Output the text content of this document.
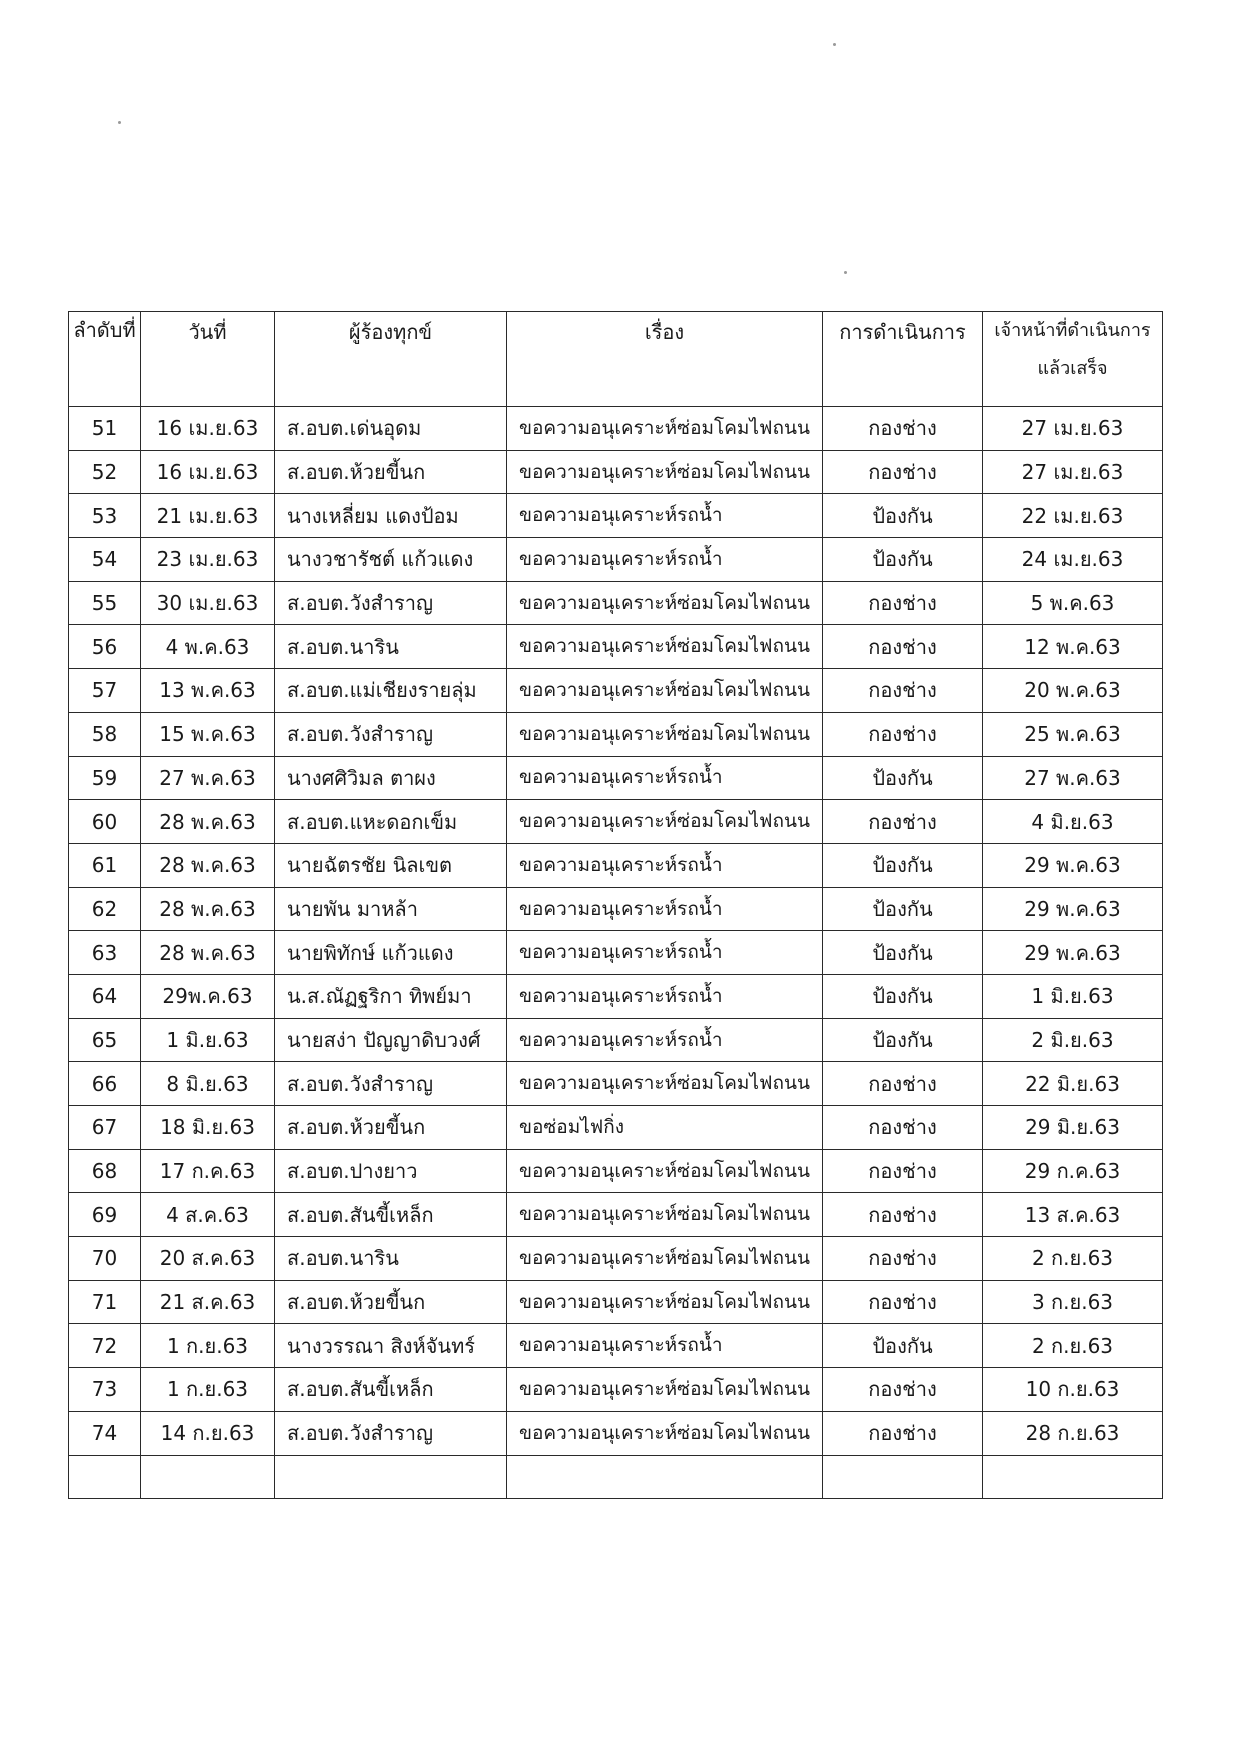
ลำดับที่	วันที่	ผู้ร้องทุกข์	เรื่อง	การดำเนินการ	เจ้าหน้าที่ดำเนินการแล้วเสร็จ
51	16 เม.ย.63	ส.อบต.เด่นอุดม	ขอความอนุเคราะห์ซ่อมโคมไฟถนน	กองช่าง	27 เม.ย.63
52	16 เม.ย.63	ส.อบต.ห้วยขี้นก	ขอความอนุเคราะห์ซ่อมโคมไฟถนน	กองช่าง	27 เม.ย.63
53	21 เม.ย.63	นางเหลี่ยม แดงป้อม	ขอความอนุเคราะห์รถน้ำ	ป้องกัน	22 เม.ย.63
54	23 เม.ย.63	นางวชารัชต์ แก้วแดง	ขอความอนุเคราะห์รถน้ำ	ป้องกัน	24 เม.ย.63
55	30 เม.ย.63	ส.อบต.วังสำราญ	ขอความอนุเคราะห์ซ่อมโคมไฟถนน	กองช่าง	5 พ.ค.63
56	4 พ.ค.63	ส.อบต.นาริน	ขอความอนุเคราะห์ซ่อมโคมไฟถนน	กองช่าง	12 พ.ค.63
57	13 พ.ค.63	ส.อบต.แม่เชียงรายลุ่ม	ขอความอนุเคราะห์ซ่อมโคมไฟถนน	กองช่าง	20 พ.ค.63
58	15 พ.ค.63	ส.อบต.วังสำราญ	ขอความอนุเคราะห์ซ่อมโคมไฟถนน	กองช่าง	25 พ.ค.63
59	27 พ.ค.63	นางศศิวิมล ตาผง	ขอความอนุเคราะห์รถน้ำ	ป้องกัน	27 พ.ค.63
60	28 พ.ค.63	ส.อบต.แหะดอกเข็ม	ขอความอนุเคราะห์ซ่อมโคมไฟถนน	กองช่าง	4 มิ.ย.63
61	28 พ.ค.63	นายฉัตรชัย นิลเขต	ขอความอนุเคราะห์รถน้ำ	ป้องกัน	29 พ.ค.63
62	28 พ.ค.63	นายพัน มาหล้า	ขอความอนุเคราะห์รถน้ำ	ป้องกัน	29 พ.ค.63
63	28 พ.ค.63	นายพิทักษ์ แก้วแดง	ขอความอนุเคราะห์รถน้ำ	ป้องกัน	29 พ.ค.63
64	29พ.ค.63	น.ส.ณัฏฐริกา ทิพย์มา	ขอความอนุเคราะห์รถน้ำ	ป้องกัน	1 มิ.ย.63
65	1 มิ.ย.63	นายสง่า ปัญญาดิบวงศ์	ขอความอนุเคราะห์รถน้ำ	ป้องกัน	2 มิ.ย.63
66	8 มิ.ย.63	ส.อบต.วังสำราญ	ขอความอนุเคราะห์ซ่อมโคมไฟถนน	กองช่าง	22 มิ.ย.63
67	18 มิ.ย.63	ส.อบต.ห้วยขี้นก	ขอซ่อมไฟกิ่ง	กองช่าง	29 มิ.ย.63
68	17 ก.ค.63	ส.อบต.ปางยาว	ขอความอนุเคราะห์ซ่อมโคมไฟถนน	กองช่าง	29 ก.ค.63
69	4 ส.ค.63	ส.อบต.สันขี้เหล็ก	ขอความอนุเคราะห์ซ่อมโคมไฟถนน	กองช่าง	13 ส.ค.63
70	20 ส.ค.63	ส.อบต.นาริน	ขอความอนุเคราะห์ซ่อมโคมไฟถนน	กองช่าง	2 ก.ย.63
71	21 ส.ค.63	ส.อบต.ห้วยขี้นก	ขอความอนุเคราะห์ซ่อมโคมไฟถนน	กองช่าง	3 ก.ย.63
72	1 ก.ย.63	นางวรรณา สิงห์จันทร์	ขอความอนุเคราะห์รถน้ำ	ป้องกัน	2 ก.ย.63
73	1 ก.ย.63	ส.อบต.สันขี้เหล็ก	ขอความอนุเคราะห์ซ่อมโคมไฟถนน	กองช่าง	10 ก.ย.63
74	14 ก.ย.63	ส.อบต.วังสำราญ	ขอความอนุเคราะห์ซ่อมโคมไฟถนน	กองช่าง	28 ก.ย.63
